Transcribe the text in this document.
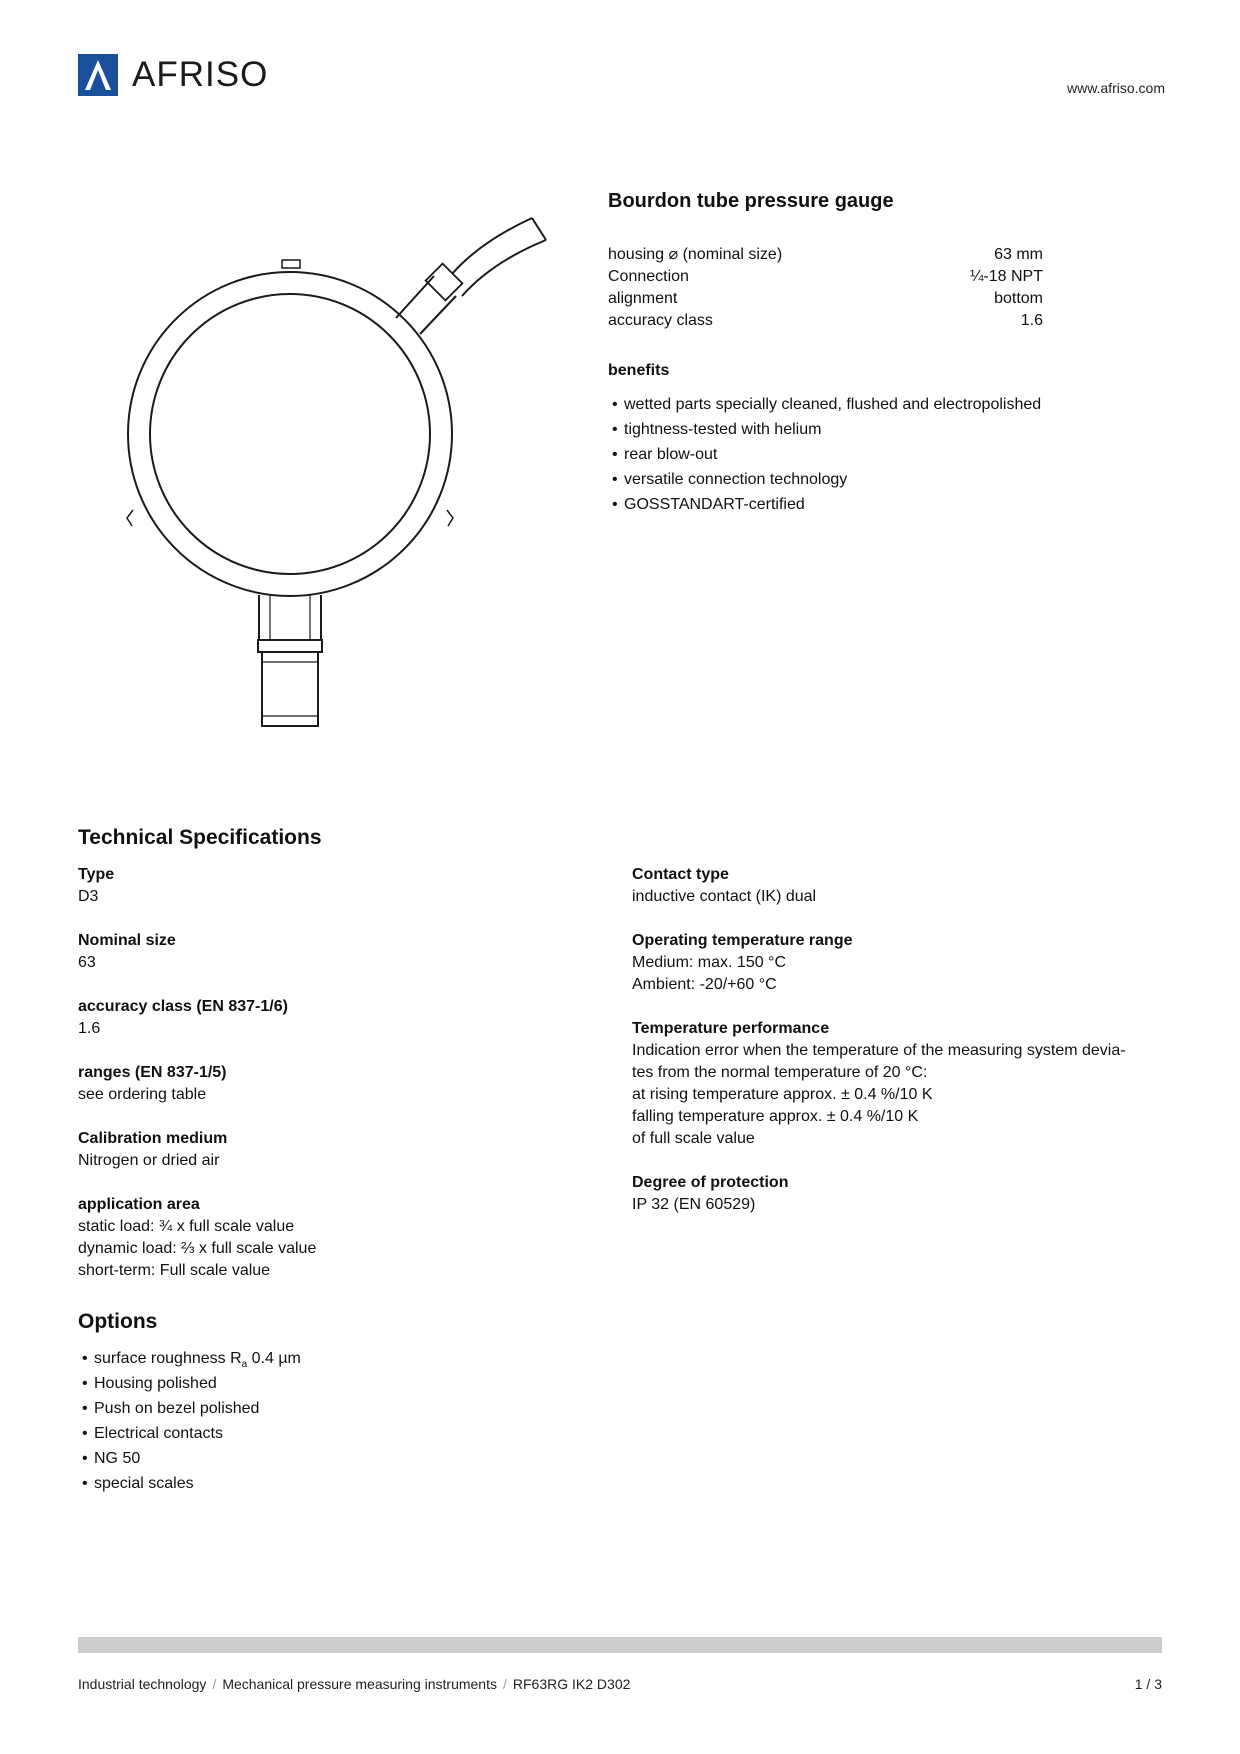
AFRISO	www.afriso.com
Bourdon tube pressure gauge
housing ⌀ (nominal size)	63 mm
Connection	¼-18 NPT
alignment	bottom
accuracy class	1.6
benefits
• wetted parts specially cleaned, flushed and electropolished
• tightness-tested with helium
• rear blow-out
• versatile connection technology
• GOSSTANDART-certified
Technical Specifications
Type
D3
Nominal size
63
accuracy class (EN 837-1/6)
1.6
ranges (EN 837-1/5)
see ordering table
Calibration medium
Nitrogen or dried air
application area
static load: ¾ x full scale value
dynamic load: ⅔ x full scale value
short-term: Full scale value
Contact type
inductive contact (IK) dual
Operating temperature range
Medium: max. 150 °C
Ambient: -20/+60 °C
Temperature performance
Indication error when the temperature of the measuring system devia-
tes from the normal temperature of 20 °C:
at rising temperature approx. ± 0.4 %/10 K
falling temperature approx. ± 0.4 %/10 K
of full scale value
Degree of protection
IP 32 (EN 60529)
Options
• surface roughness $R_a$ 0.4 µm
• Housing polished
• Push on bezel polished
• Electrical contacts
• NG 50
• special scales
Industrial technology / Mechanical pressure measuring instruments / RF63RG IK2 D302	1 / 3
